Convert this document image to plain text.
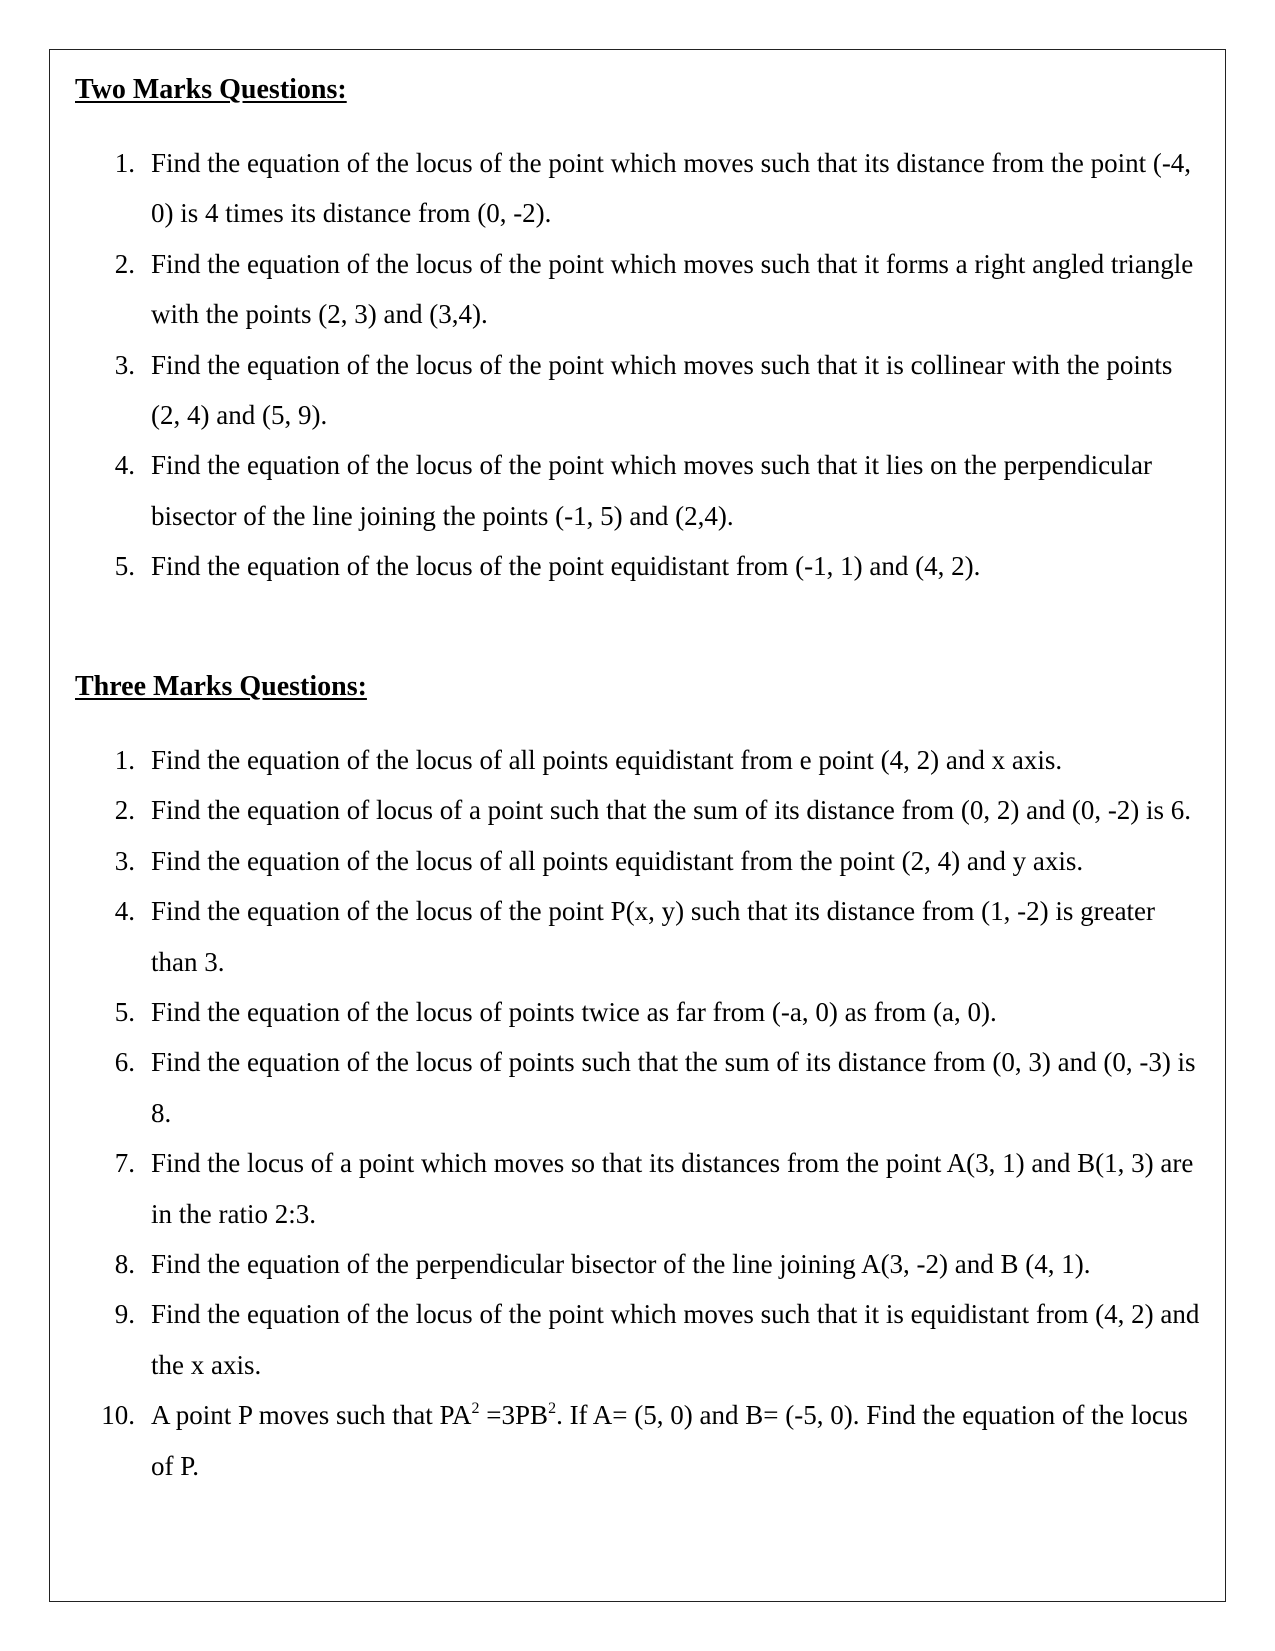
Two Marks Questions:
1. Find the equation of the locus of the point which moves such that its distance from the point (-4, 0) is 4 times its distance from (0, -2).
2. Find the equation of the locus of the point which moves such that it forms a right angled triangle with the points (2, 3) and (3,4).
3. Find the equation of the locus of the point which moves such that it is collinear with the points (2, 4) and (5, 9).
4. Find the equation of the locus of the point which moves such that it lies on the perpendicular bisector of the line joining the points (-1, 5) and (2,4).
5. Find the equation of the locus of the point equidistant from (-1, 1) and (4, 2).
Three Marks Questions:
1. Find the equation of the locus of all points equidistant from e point (4, 2) and x axis.
2. Find the equation of locus of a point such that the sum of its distance from (0, 2) and (0, -2) is 6.
3. Find the equation of the locus of all points equidistant from the point (2, 4) and y axis.
4. Find the equation of the locus of the point P(x, y) such that its distance from (1, -2) is greater than 3.
5. Find the equation of the locus of points twice as far from (-a, 0) as from (a, 0).
6. Find the equation of the locus of points such that the sum of its distance from (0, 3) and (0, -3) is 8.
7. Find the locus of a point which moves so that its distances from the point A(3, 1) and B(1, 3) are in the ratio 2:3.
8. Find the equation of the perpendicular bisector of the line joining A(3, -2) and B (4, 1).
9. Find the equation of the locus of the point which moves such that it is equidistant from (4, 2) and the x axis.
10. A point P moves such that $PA^2 =3PB^2$. If A= (5, 0) and B= (-5, 0). Find the equation of the locus of P.
